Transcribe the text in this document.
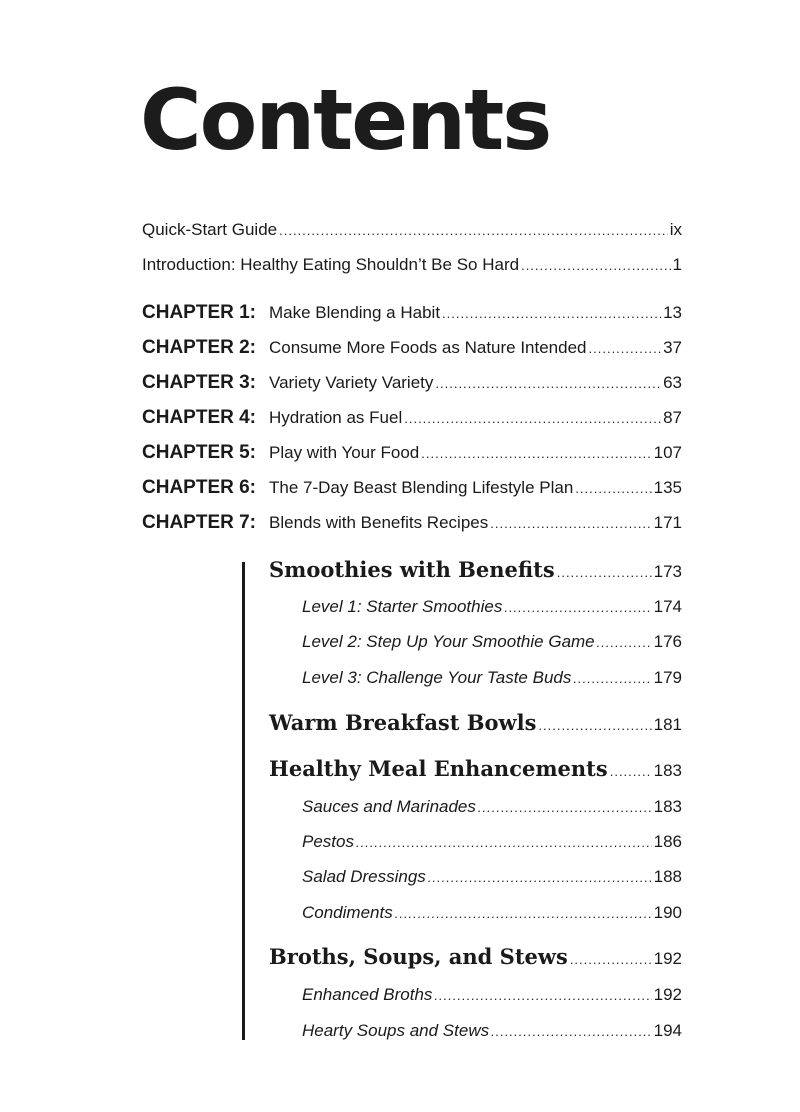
Contents
Quick-Start Guide .....	ix
Introduction: Healthy Eating Shouldn’t Be So Hard .....	1
CHAPTER 1: Make Blending a Habit .....	13
CHAPTER 2: Consume More Foods as Nature Intended .....	37
CHAPTER 3: Variety Variety Variety .....	63
CHAPTER 4: Hydration as Fuel .....	87
CHAPTER 5: Play with Your Food .....	107
CHAPTER 6: The 7-Day Beast Blending Lifestyle Plan .....	135
CHAPTER 7: Blends with Benefits Recipes .....	171
Smoothies with Benefits .....	173
Level 1: Starter Smoothies .....	174
Level 2: Step Up Your Smoothie Game .....	176
Level 3: Challenge Your Taste Buds .....	179
Warm Breakfast Bowls .....	181
Healthy Meal Enhancements .....	183
Sauces and Marinades .....	183
Pestos .....	186
Salad Dressings .....	188
Condiments .....	190
Broths, Soups, and Stews .....	192
Enhanced Broths .....	192
Hearty Soups and Stews .....	194
